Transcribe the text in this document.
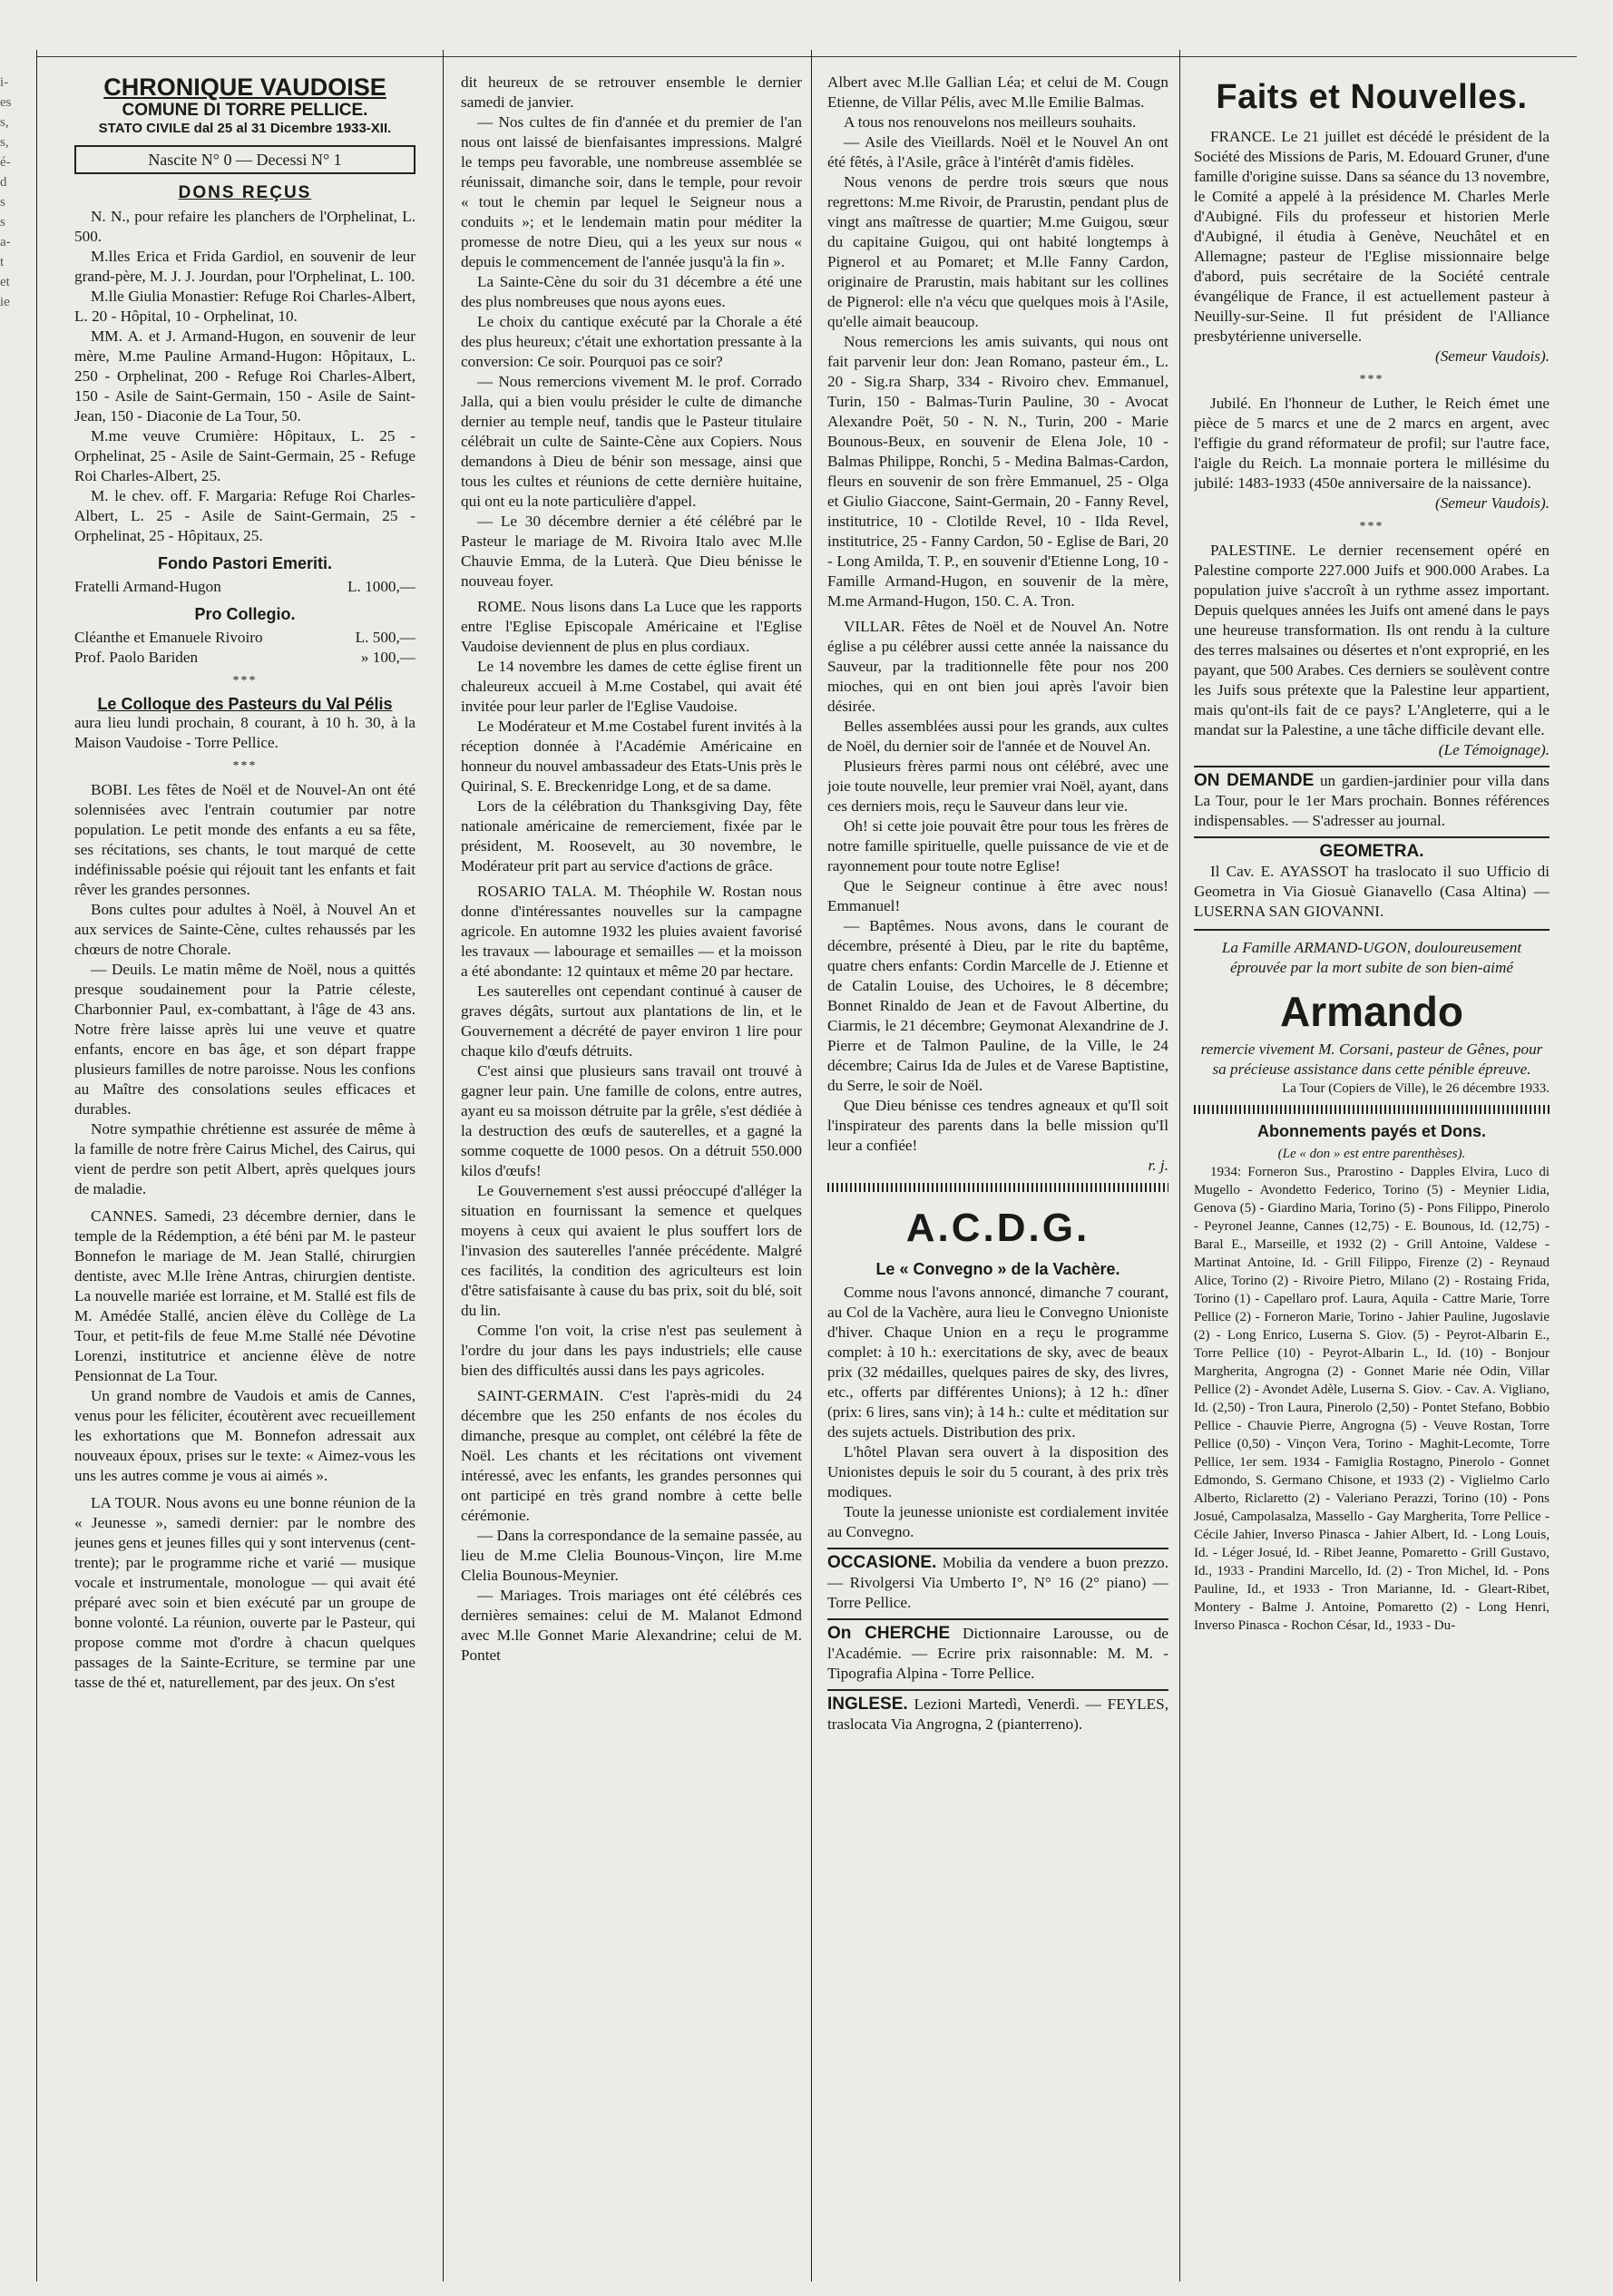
i- es s, s, é- d s s a- t et ie
CHRONIQUE VAUDOISE
COMUNE DI TORRE PELLICE.
STATO CIVILE dal 25 al 31 Dicembre 1933-XII.
Nascite N° 0 — Decessi N° 1
DONS REÇUS

N. N., pour refaire les planchers de l'Orphelinat, L. 500.

M.lles Erica et Frida Gardiol, en souvenir de leur grand-père, M. J. J. Jourdan, pour l'Orphelinat, L. 100.

M.lle Giulia Monastier: Refuge Roi Charles-Albert, L. 20 - Hôpital, 10 - Orphelinat, 10.

MM. A. et J. Armand-Hugon, en souvenir de leur mère, M.me Pauline Armand-Hugon: Hôpitaux, L. 250 - Orphelinat, 200 - Refuge Roi Charles-Albert, 150 - Asile de Saint-Germain, 150 - Asile de Saint-Jean, 150 - Diaconie de La Tour, 50.

M.me veuve Crumière: Hôpitaux, L. 25 - Orphelinat, 25 - Asile de Saint-Germain, 25 - Refuge Roi Charles-Albert, 25.

M. le chev. off. F. Margaria: Refuge Roi Charles-Albert, L. 25 - Asile de Saint-Germain, 25 - Orphelinat, 25 - Hôpitaux, 25.

Fondo Pastori Emeriti.
Fratelli Armand-Hugon	L. 1000,—
Pro Collegio.
Cléanthe et Emanuele Rivoiro	L. 500,—
Prof. Paolo Bariden	» 100,—
***
Le Colloque des Pasteurs du Val Pélis

aura lieu lundi prochain, 8 courant, à 10 h. 30, à la Maison Vaudoise - Torre Pellice.

***

BOBI. Les fêtes de Noël et de Nouvel-An ont été solennisées avec l'entrain coutumier par notre population. Le petit monde des enfants a eu sa fête, ses récitations, ses chants, le tout marqué de cette indéfinissable poésie qui réjouit tant les enfants et fait rêver les grandes personnes.

Bons cultes pour adultes à Noël, à Nouvel An et aux services de Sainte-Cène, cultes rehaussés par les chœurs de notre Chorale.

— Deuils. Le matin même de Noël, nous a quittés presque soudainement pour la Patrie céleste, Charbonnier Paul, ex-combattant, à l'âge de 43 ans. Notre frère laisse après lui une veuve et quatre enfants, encore en bas âge, et son départ frappe plusieurs familles de notre paroisse. Nous les confions au Maître des consolations seules efficaces et durables.

Notre sympathie chrétienne est assurée de même à la famille de notre frère Cairus Michel, des Cairus, qui vient de perdre son petit Albert, après quelques jours de maladie.

CANNES. Samedi, 23 décembre dernier, dans le temple de la Rédemption, a été béni par M. le pasteur Bonnefon le mariage de M. Jean Stallé, chirurgien dentiste, avec M.lle Irène Antras, chirurgien dentiste. La nouvelle mariée est lorraine, et M. Stallé est fils de M. Amédée Stallé, ancien élève du Collège de La Tour, et petit-fils de feue M.me Stallé née Dévotine Lorenzi, institutrice et ancienne élève de notre Pensionnat de La Tour.

Un grand nombre de Vaudois et amis de Cannes, venus pour les féliciter, écoutèrent avec recueillement les exhortations que M. Bonnefon adressait aux nouveaux époux, prises sur le texte: « Aimez-vous les uns les autres comme je vous ai aimés ».

LA TOUR. Nous avons eu une bonne réunion de la « Jeunesse », samedi dernier: par le nombre des jeunes gens et jeunes filles qui y sont intervenus (cent-trente); par le programme riche et varié — musique vocale et instrumentale, monologue — qui avait été préparé avec soin et bien exécuté par un groupe de bonne volonté. La réunion, ouverte par le Pasteur, qui propose comme mot d'ordre à chacun quelques passages de la Sainte-Ecriture, se termine par une tasse de thé et, naturellement, par des jeux. On s'est

dit heureux de se retrouver ensemble le dernier samedi de janvier.

— Nos cultes de fin d'année et du premier de l'an nous ont laissé de bienfaisantes impressions. Malgré le temps peu favorable, une nombreuse assemblée se réunissait, dimanche soir, dans le temple, pour revoir « tout le chemin par lequel le Seigneur nous a conduits »; et le lendemain matin pour méditer la promesse de notre Dieu, qui a les yeux sur nous « depuis le commencement de l'année jusqu'à la fin ».

La Sainte-Cène du soir du 31 décembre a été une des plus nombreuses que nous ayons eues.

Le choix du cantique exécuté par la Chorale a été des plus heureux; c'était une exhortation pressante à la conversion: Ce soir. Pourquoi pas ce soir?

— Nous remercions vivement M. le prof. Corrado Jalla, qui a bien voulu présider le culte de dimanche dernier au temple neuf, tandis que le Pasteur titulaire célébrait un culte de Sainte-Cène aux Copiers. Nous demandons à Dieu de bénir son message, ainsi que tous les cultes et réunions de cette dernière huitaine, qui ont eu la note particulière d'appel.

— Le 30 décembre dernier a été célébré par le Pasteur le mariage de M. Rivoira Italo avec M.lle Chauvie Emma, de la Luterà. Que Dieu bénisse le nouveau foyer.

ROME. Nous lisons dans La Luce que les rapports entre l'Eglise Episcopale Américaine et l'Eglise Vaudoise deviennent de plus en plus cordiaux.

Le 14 novembre les dames de cette église firent un chaleureux accueil à M.me Costabel, qui avait été invitée pour leur parler de l'Eglise Vaudoise.

Le Modérateur et M.me Costabel furent invités à la réception donnée à l'Académie Américaine en honneur du nouvel ambassadeur des Etats-Unis près le Quirinal, S. E. Breckenridge Long, et de sa dame.

Lors de la célébration du Thanksgiving Day, fête nationale américaine de remerciement, fixée par le président, M. Roosevelt, au 30 novembre, le Modérateur prit part au service d'actions de grâce.

ROSARIO TALA. M. Théophile W. Rostan nous donne d'intéressantes nouvelles sur la campagne agricole. En automne 1932 les pluies avaient favorisé les travaux — labourage et semailles — et la moisson a été abondante: 12 quintaux et même 20 par hectare.

Les sauterelles ont cependant continué à causer de graves dégâts, surtout aux plantations de lin, et le Gouvernement a décrété de payer environ 1 lire pour chaque kilo d'œufs détruits.

C'est ainsi que plusieurs sans travail ont trouvé à gagner leur pain. Une famille de colons, entre autres, ayant eu sa moisson détruite par la grêle, s'est dédiée à la destruction des œufs de sauterelles, et a gagné la somme coquette de 1000 pesos. On a détruit 550.000 kilos d'œufs!

Le Gouvernement s'est aussi préoccupé d'alléger la situation en fournissant la semence et quelques moyens à ceux qui avaient le plus souffert lors de l'invasion des sauterelles l'année précédente. Malgré ces facilités, la condition des agriculteurs est loin d'être satisfaisante à cause du bas prix, soit du blé, soit du lin.

Comme l'on voit, la crise n'est pas seulement à l'ordre du jour dans les pays industriels; elle cause bien des difficultés aussi dans les pays agricoles.

SAINT-GERMAIN. C'est l'après-midi du 24 décembre que les 250 enfants de nos écoles du dimanche, presque au complet, ont célébré la fête de Noël. Les chants et les récitations ont vivement intéressé, avec les enfants, les grandes personnes qui ont participé en très grand nombre à cette belle cérémonie.

— Dans la correspondance de la semaine passée, au lieu de M.me Clelia Bounous-Vinçon, lire M.me Clelia Bounous-Meynier.

— Mariages. Trois mariages ont été célébrés ces dernières semaines: celui de M. Malanot Edmond avec M.lle Gonnet Marie Alexandrine; celui de M. Pontet

Albert avec M.lle Gallian Léa; et celui de M. Cougn Etienne, de Villar Pélis, avec M.lle Emilie Balmas.

A tous nos renouvelons nos meilleurs souhaits.

— Asile des Vieillards. Noël et le Nouvel An ont été fêtés, à l'Asile, grâce à l'intérêt d'amis fidèles.

Nous venons de perdre trois sœurs que nous regrettons: M.me Rivoir, de Prarustin, pendant plus de vingt ans maîtresse de quartier; M.me Guigou, sœur du capitaine Guigou, qui ont habité longtemps à Pignerol et au Pomaret; et M.lle Fanny Cardon, originaire de Prarustin, mais habitant sur les collines de Pignerol: elle n'a vécu que quelques mois à l'Asile, qu'elle aimait beaucoup.

Nous remercions les amis suivants, qui nous ont fait parvenir leur don: Jean Romano, pasteur ém., L. 20 - Sig.ra Sharp, 334 - Rivoiro chev. Emmanuel, Turin, 150 - Balmas-Turin Pauline, 30 - Avocat Alexandre Poët, 50 - N. N., Turin, 200 - Marie Bounous-Beux, en souvenir de Elena Jole, 10 - Balmas Philippe, Ronchi, 5 - Medina Balmas-Cardon, fleurs en souvenir de son frère Emmanuel, 25 - Olga et Giulio Giaccone, Saint-Germain, 20 - Fanny Revel, institutrice, 10 - Clotilde Revel, 10 - Ilda Revel, institutrice, 25 - Fanny Cardon, 50 - Eglise de Bari, 20 - Long Amilda, T. P., en souvenir d'Etienne Long, 10 - Famille Armand-Hugon, en souvenir de la mère, M.me Armand-Hugon, 150. C. A. Tron.

VILLAR. Fêtes de Noël et de Nouvel An. Notre église a pu célébrer aussi cette année la naissance du Sauveur, par la traditionnelle fête pour nos 200 mioches, qui en ont bien joui après l'avoir bien désirée.

Belles assemblées aussi pour les grands, aux cultes de Noël, du dernier soir de l'année et de Nouvel An.

Plusieurs frères parmi nous ont célébré, avec une joie toute nouvelle, leur premier vrai Noël, ayant, dans ces derniers mois, reçu le Sauveur dans leur vie.

Oh! si cette joie pouvait être pour tous les frères de notre famille spirituelle, quelle puissance de vie et de rayonnement pour toute notre Eglise!

Que le Seigneur continue à être avec nous! Emmanuel!

— Baptêmes. Nous avons, dans le courant de décembre, présenté à Dieu, par le rite du baptême, quatre chers enfants: Cordin Marcelle de J. Etienne et de Catalin Louise, des Uchoires, le 8 décembre; Bonnet Rinaldo de Jean et de Favout Albertine, du Ciarmis, le 21 décembre; Geymonat Alexandrine de J. Pierre et de Talmon Pauline, de la Ville, le 24 décembre; Cairus Ida de Jules et de Varese Baptistine, du Serre, le soir de Noël.

Que Dieu bénisse ces tendres agneaux et qu'Il soit l'inspirateur des parents dans la belle mission qu'Il leur a confiée!

r. j.
A.C.D.G.
Le « Convegno » de la Vachère.

Comme nous l'avons annoncé, dimanche 7 courant, au Col de la Vachère, aura lieu le Convegno Unioniste d'hiver. Chaque Union en a reçu le programme complet: à 10 h.: exercitations de sky, avec de beaux prix (32 médailles, quelques paires de sky, des livres, etc., offerts par différentes Unions); à 12 h.: dîner (prix: 6 lires, sans vin); à 14 h.: culte et méditation sur des sujets actuels. Distribution des prix.

L'hôtel Plavan sera ouvert à la disposition des Unionistes depuis le soir du 5 courant, à des prix très modiques.

Toute la jeunesse unioniste est cordialement invitée au Convegno.

OCCASIONE. Mobilia da vendere a buon prezzo. — Rivolgersi Via Umberto I°, N° 16 (2° piano) — Torre Pellice.
On CHERCHE Dictionnaire Larousse, ou de l'Académie. — Ecrire prix raisonnable: M. M. - Tipografia Alpina - Torre Pellice.
INGLESE. Lezioni Martedì, Venerdì. — FEYLES, traslocata Via Angrogna, 2 (pianterreno).
Faits et Nouvelles.

FRANCE. Le 21 juillet est décédé le président de la Société des Missions de Paris, M. Edouard Gruner, d'une famille d'origine suisse. Dans sa séance du 13 novembre, le Comité a appelé à la présidence M. Charles Merle d'Aubigné. Fils du professeur et historien Merle d'Aubigné, il étudia à Genève, Neuchâtel et en Allemagne; pasteur de l'Eglise missionnaire belge d'abord, puis secrétaire de la Société centrale évangélique de France, il est actuellement pasteur à Neuilly-sur-Seine. Il fut président de l'Alliance presbytérienne universelle.

(Semeur Vaudois).
***

Jubilé. En l'honneur de Luther, le Reich émet une pièce de 5 marcs et une de 2 marcs en argent, avec l'effigie du grand réformateur de profil; sur l'autre face, l'aigle du Reich. La monnaie portera le millésime du jubilé: 1483-1933 (450e anniversaire de la naissance).

(Semeur Vaudois).
***

PALESTINE. Le dernier recensement opéré en Palestine comporte 227.000 Juifs et 900.000 Arabes. La population juive s'accroît à un rythme assez important. Depuis quelques années les Juifs ont amené dans le pays une heureuse transformation. Ils ont rendu à la culture des terres malsaines ou désertes et n'ont exproprié, en les payant, que 500 Arabes. Ces derniers se soulèvent contre les Juifs sous prétexte que la Palestine leur appartient, mais qu'ont-ils fait de ce pays? L'Angleterre, qui a le mandat sur la Palestine, a une tâche difficile devant elle.

(Le Témoignage).
ON DEMANDE un gardien-jardinier pour villa dans La Tour, pour le 1er Mars prochain. Bonnes références indispensables. — S'adresser au journal.
GEOMETRA.

Il Cav. E. AYASSOT ha traslocato il suo Ufficio di Geometra in Via Giosuè Gianavello (Casa Altina) — LUSERNA SAN GIOVANNI.

La Famille ARMAND-UGON, douloureusement éprouvée par la mort subite de son bien-aimé
Armando
remercie vivement M. Corsani, pasteur de Gênes, pour sa précieuse assistance dans cette pénible épreuve.
La Tour (Copiers de Ville), le 26 décembre 1933.
Abonnements payés et Dons.
(Le « don » est entre parenthèses).

1934: Forneron Sus., Prarostino - Dapples Elvira, Luco di Mugello - Avondetto Federico, Torino (5) - Meynier Lidia, Genova (5) - Giardino Maria, Torino (5) - Pons Filippo, Pinerolo - Peyronel Jeanne, Cannes (12,75) - E. Bounous, Id. (12,75) - Baral E., Marseille, et 1932 (2) - Grill Antoine, Valdese - Martinat Antoine, Id. - Grill Filippo, Firenze (2) - Reynaud Alice, Torino (2) - Rivoire Pietro, Milano (2) - Rostaing Frida, Torino (1) - Capellaro prof. Laura, Aquila - Cattre Marie, Torre Pellice (2) - Forneron Marie, Torino - Jahier Pauline, Jugoslavie (2) - Long Enrico, Luserna S. Giov. (5) - Peyrot-Albarin E., Torre Pellice (10) - Peyrot-Albarin L., Id. (10) - Bonjour Margherita, Angrogna (2) - Gonnet Marie née Odin, Villar Pellice (2) - Avondet Adèle, Luserna S. Giov. - Cav. A. Vigliano, Id. (2,50) - Tron Laura, Pinerolo (2,50) - Pontet Stefano, Bobbio Pellice - Chauvie Pierre, Angrogna (5) - Veuve Rostan, Torre Pellice (0,50) - Vinçon Vera, Torino - Maghit-Lecomte, Torre Pellice, 1er sem. 1934 - Famiglia Rostagno, Pinerolo - Gonnet Edmondo, S. Germano Chisone, et 1933 (2) - Viglielmo Carlo Alberto, Riclaretto (2) - Valeriano Perazzi, Torino (10) - Pons Josué, Campolasalza, Massello - Gay Margherita, Torre Pellice - Cécile Jahier, Inverso Pinasca - Jahier Albert, Id. - Long Louis, Id. - Léger Josué, Id. - Ribet Jeanne, Pomaretto - Grill Gustavo, Id., 1933 - Prandini Marcello, Id. (2) - Tron Michel, Id. - Pons Pauline, Id., et 1933 - Tron Marianne, Id. - Gleart-Ribet, Montery - Balme J. Antoine, Pomaretto (2) - Long Henri, Inverso Pinasca - Rochon César, Id., 1933 - Du-
